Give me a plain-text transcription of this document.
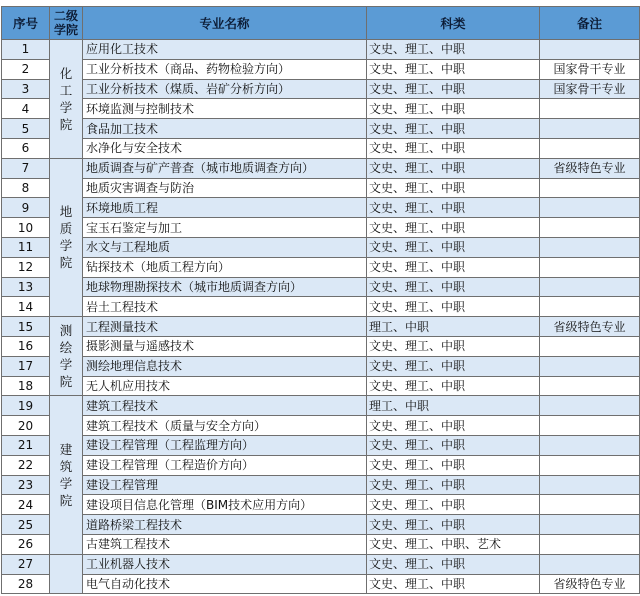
序号	二级学院	专业名称	科类	备注
1	化工学院	应用化工技术	文史、理工、中职	
2		工业分析技术（商品、药物检验方向）	文史、理工、中职	国家骨干专业
3		工业分析技术（煤质、岩矿分析方向）	文史、理工、中职	国家骨干专业
4		环境监测与控制技术	文史、理工、中职	
5		食品加工技术	文史、理工、中职	
6		水净化与安全技术	文史、理工、中职	
7	地质学院	地质调查与矿产普查（城市地质调查方向）	文史、理工、中职	省级特色专业
8		地质灾害调查与防治	文史、理工、中职	
9		环境地质工程	文史、理工、中职	
10		宝玉石鉴定与加工	文史、理工、中职	
11		水文与工程地质	文史、理工、中职	
12		钻探技术（地质工程方向）	文史、理工、中职	
13		地球物理勘探技术（城市地质调查方向）	文史、理工、中职	
14		岩土工程技术	文史、理工、中职	
15	测绘学院	工程测量技术	理工、中职	省级特色专业
16		摄影测量与遥感技术	文史、理工、中职	
17		测绘地理信息技术	文史、理工、中职	
18		无人机应用技术	文史、理工、中职	
19	建筑学院	建筑工程技术	理工、中职	
20		建筑工程技术（质量与安全方向）	文史、理工、中职	
21		建设工程管理（工程监理方向）	文史、理工、中职	
22		建设工程管理（工程造价方向）	文史、理工、中职	
23		建设工程管理	文史、理工、中职	
24		建设项目信息化管理（BIM技术应用方向）	文史、理工、中职	
25		道路桥梁工程技术	文史、理工、中职	
26		古建筑工程技术	文史、理工、中职、艺术	
27		工业机器人技术	文史、理工、中职	
28		电气自动化技术	文史、理工、中职	省级特色专业
